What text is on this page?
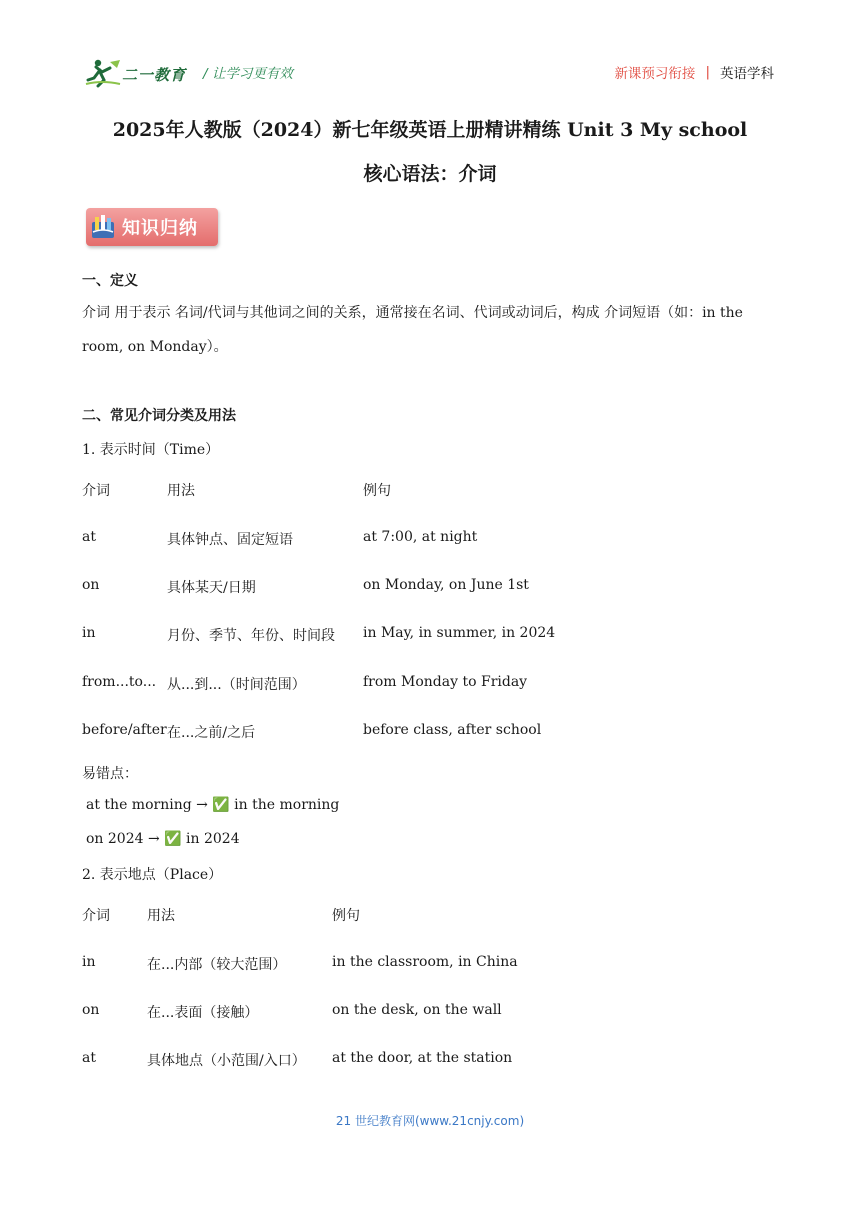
二一教育 / 让学习更有效	新课预习衔接 | 英语学科
2025年人教版（2024）新七年级英语上册精讲精练 Unit 3 My school
核心语法：介词
知识归纳
一、定义
介词 用于表示 名词/代词与其他词之间的关系，通常接在名词、代词或动词后，构成 介词短语（如：in the
room, on Monday）。
二、常见介词分类及用法
1. 表示时间（Time）
介词	用法	例句
at	具体钟点、固定短语	at 7:00, at night
on	具体某天/日期	on Monday, on June 1st
in	月份、季节、年份、时间段 in May, in summer, in 2024
from...to... 从...到...（时间范围）	from Monday to Friday
before/after 在...之前/之后	before class, after school
易错点：
at the morning → ✅ in the morning
on 2024 → ✅ in 2024
2. 表示地点（Place）
介词	用法	例句
in	在...内部（较大范围）	in the classroom, in China
on	在...表面（接触）	on the desk, on the wall
at	具体地点（小范围/入口） at the door, at the station
21 世纪教育网(www.21cnjy.com)
